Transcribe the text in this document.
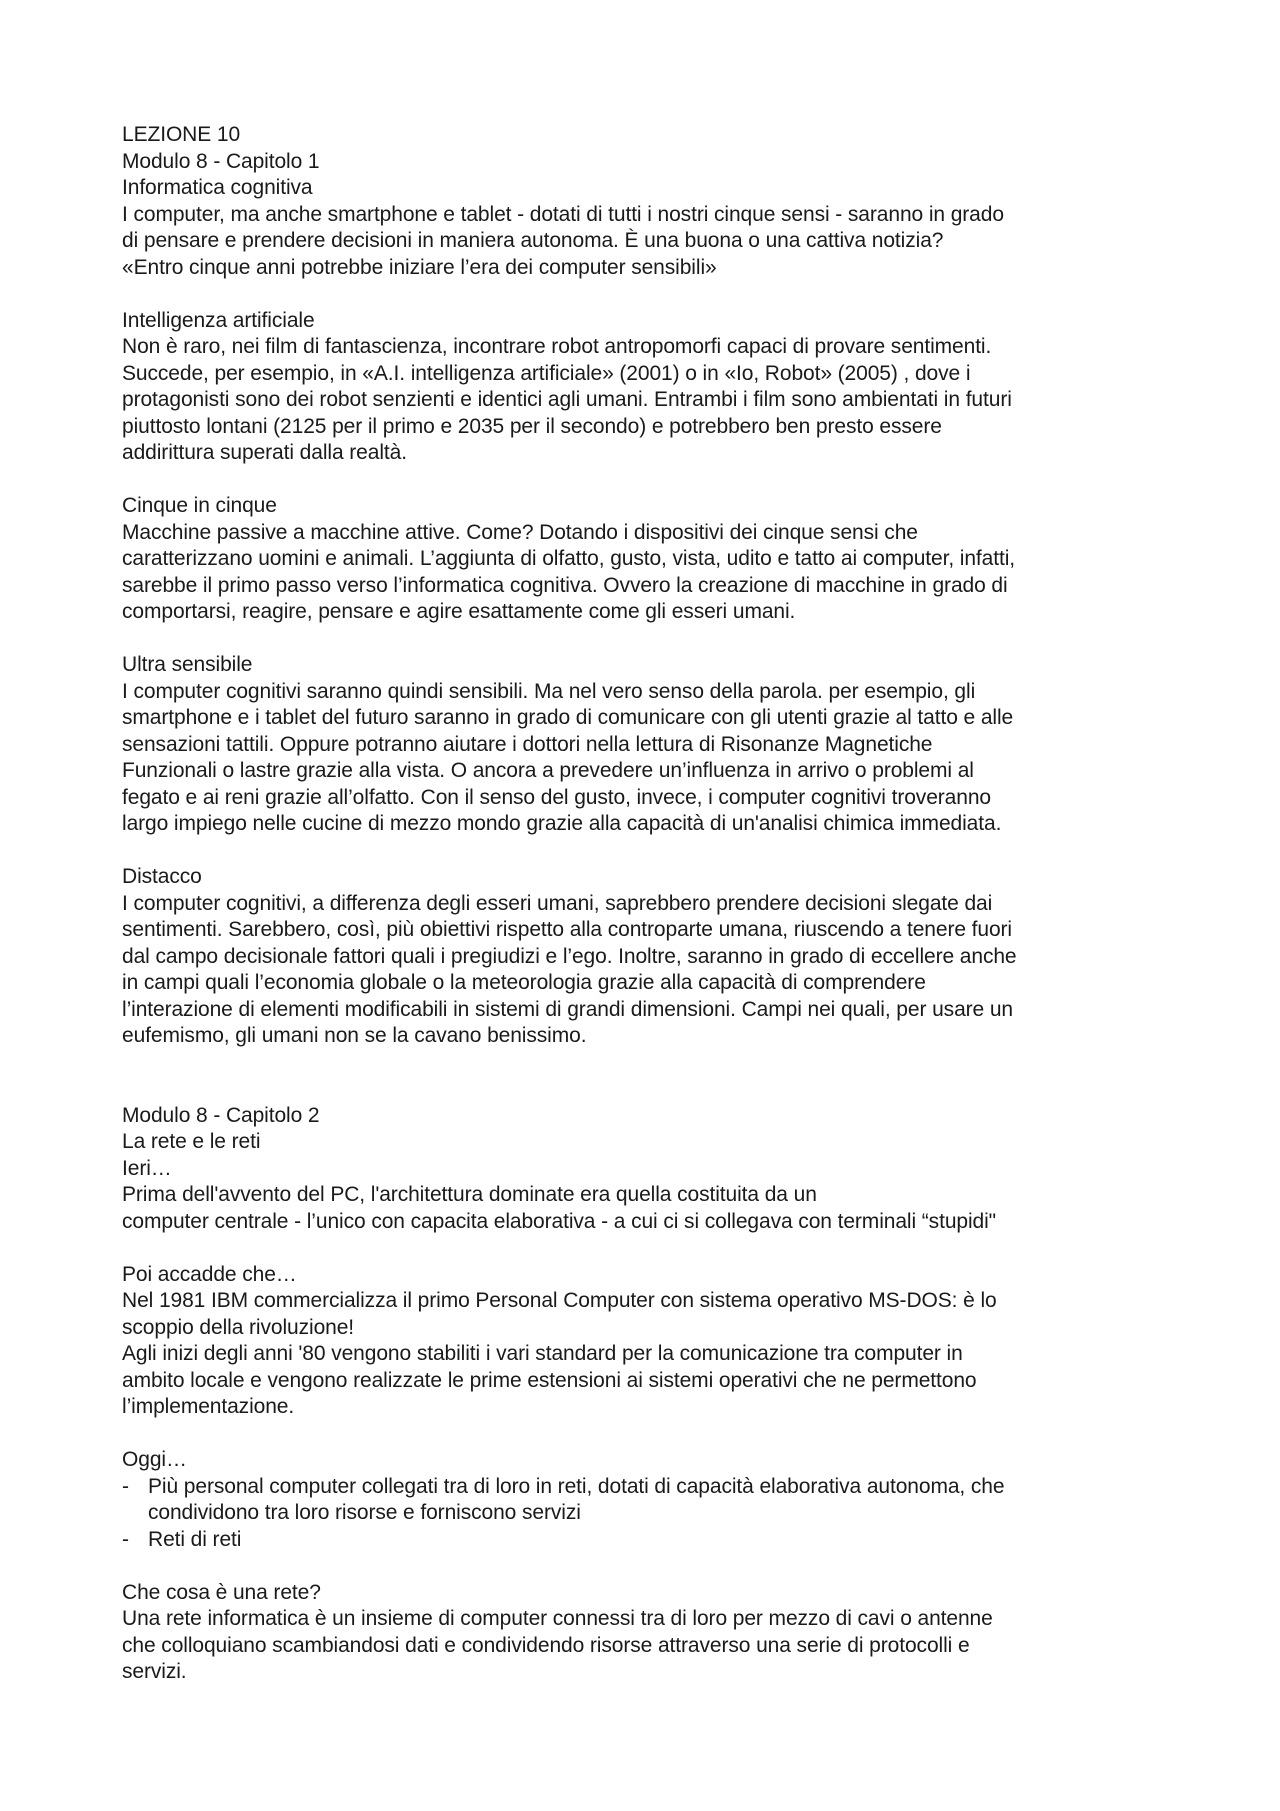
LEZIONE 10
Modulo 8 - Capitolo 1
Informatica cognitiva
I computer, ma anche smartphone e tablet - dotati di tutti i nostri cinque sensi - saranno in grado
di pensare e prendere decisioni in maniera autonoma. È una buona o una cattiva notizia?
«Entro cinque anni potrebbe iniziare l’era dei computer sensibili»
Intelligenza artificiale
Non è raro, nei film di fantascienza, incontrare robot antropomorfi capaci di provare sentimenti.
Succede, per esempio, in «A.I. intelligenza artificiale» (2001) o in «Io, Robot» (2005) , dove i
protagonisti sono dei robot senzienti e identici agli umani. Entrambi i film sono ambientati in futuri
piuttosto lontani (2125 per il primo e 2035 per il secondo) e potrebbero ben presto essere
addirittura superati dalla realtà.
Cinque in cinque
Macchine passive a macchine attive. Come? Dotando i dispositivi dei cinque sensi che
caratterizzano uomini e animali. L’aggiunta di olfatto, gusto, vista, udito e tatto ai computer, infatti,
sarebbe il primo passo verso l’informatica cognitiva. Ovvero la creazione di macchine in grado di
comportarsi, reagire, pensare e agire esattamente come gli esseri umani.
Ultra sensibile
I computer cognitivi saranno quindi sensibili. Ma nel vero senso della parola. per esempio, gli
smartphone e i tablet del futuro saranno in grado di comunicare con gli utenti grazie al tatto e alle
sensazioni tattili. Oppure potranno aiutare i dottori nella lettura di Risonanze Magnetiche
Funzionali o lastre grazie alla vista. O ancora a prevedere un’influenza in arrivo o problemi al
fegato e ai reni grazie all’olfatto. Con il senso del gusto, invece, i computer cognitivi troveranno
largo impiego nelle cucine di mezzo mondo grazie alla capacità di un'analisi chimica immediata.
Distacco
I computer cognitivi, a differenza degli esseri umani, saprebbero prendere decisioni slegate dai
sentimenti. Sarebbero, così, più obiettivi rispetto alla controparte umana, riuscendo a tenere fuori
dal campo decisionale fattori quali i pregiudizi e l’ego. Inoltre, saranno in grado di eccellere anche
in campi quali l’economia globale o la meteorologia grazie alla capacità di comprendere
l’interazione di elementi modificabili in sistemi di grandi dimensioni. Campi nei quali, per usare un
eufemismo, gli umani non se la cavano benissimo.
Modulo 8 - Capitolo 2
La rete e le reti
Ieri…
Prima dell'avvento del PC, l'architettura dominate era quella costituita da un
computer centrale - l’unico con capacita elaborativa - a cui ci si collegava con terminali “stupidi"
Poi accadde che…
Nel 1981 IBM commercializza il primo Personal Computer con sistema operativo MS-DOS: è lo
scoppio della rivoluzione!
Agli inizi degli anni '80 vengono stabiliti i vari standard per la comunicazione tra computer in
ambito locale e vengono realizzate le prime estensioni ai sistemi operativi che ne permettono
l’implementazione.
Oggi…
- Più personal computer collegati tra di loro in reti, dotati di capacità elaborativa autonoma, che
condividono tra loro risorse e forniscono servizi
- Reti di reti
Che cosa è una rete?
Una rete informatica è un insieme di computer connessi tra di loro per mezzo di cavi o antenne
che colloquiano scambiandosi dati e condividendo risorse attraverso una serie di protocolli e
servizi.
